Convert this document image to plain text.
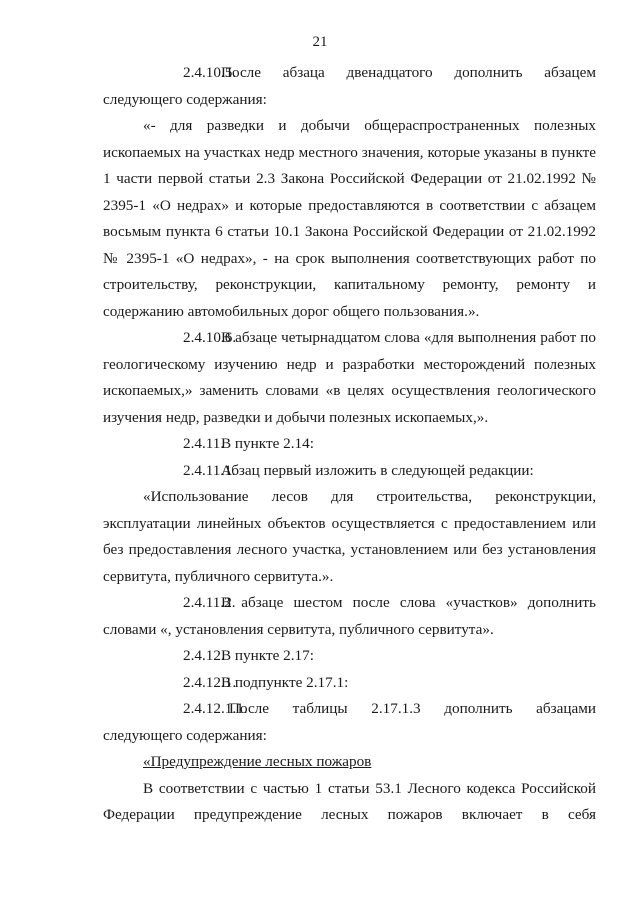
21

2.4.10.5.После абзаца двенадцатого дополнить абзацем следующего содержания:

«- для разведки и добычи общераспространенных полезных ископаемых на участках недр местного значения, которые указаны в пункте 1 части первой статьи 2.3 Закона Российской Федерации от 21.02.1992 № 2395-1 «О недрах» и которые предоставляются в соответствии с абзацем восьмым пункта 6 статьи 10.1 Закона Российской Федерации от 21.02.1992 № 2395-1 «О недрах», - на срок выполнения соответствующих работ по строительству, реконструкции, капитальному ремонту, ремонту и содержанию автомобильных дорог общего пользования.».

2.4.10.6.В абзаце четырнадцатом слова «для выполнения работ по геологическому изучению недр и разработки месторождений полезных ископаемых,» заменить словами «в целях осуществления геологического изучения недр, разведки и добычи полезных ископаемых,».

2.4.11.В пункте 2.14:

2.4.11.1.Абзац первый изложить в следующей редакции:

«Использование лесов для строительства, реконструкции, эксплуатации линейных объектов осуществляется с предоставлением или без предоставления лесного участка, установлением или без установления сервитута, публичного сервитута.».

2.4.11.2.В абзаце шестом после слова «участков» дополнить словами «, установления сервитута, публичного сервитута».

2.4.12.В пункте 2.17:

2.4.12.1.В подпункте 2.17.1:

2.4.12.1.1.После таблицы 2.17.1.3 дополнить абзацами следующего содержания:

«Предупреждение лесных пожаров

В соответствии с частью 1 статьи 53.1 Лесного кодекса Российской Федерации предупреждение лесных пожаров включает в себя
